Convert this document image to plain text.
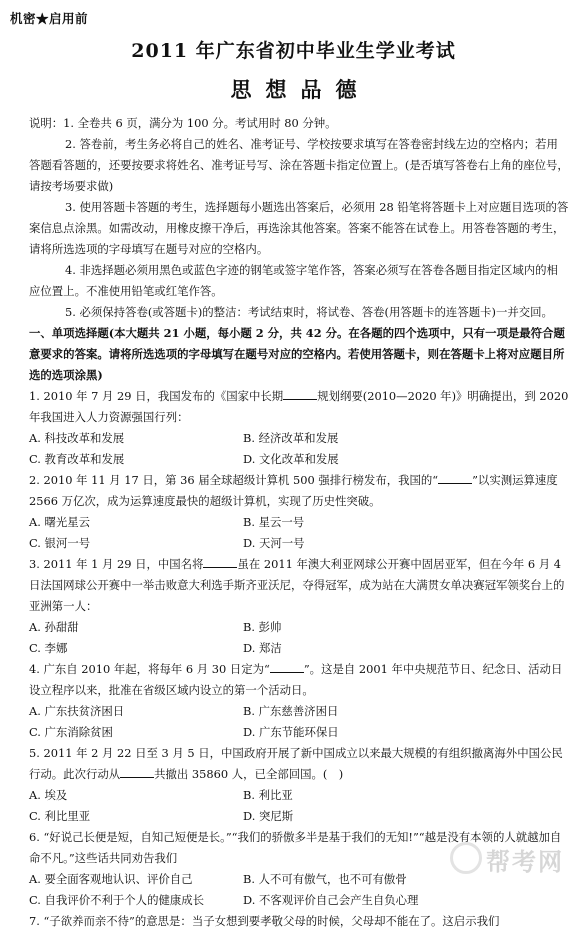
机密★启用前
2011 年广东省初中毕业生学业考试
思想品德

说明：1. 全卷共 6 页，满分为 100 分。考试用时 80 分钟。

2. 答卷前，考生务必将自己的姓名、准考证号、学校按要求填写在答卷密封线左边的空格内；若用答题看答题的，还要按要求将姓名、准考证号写、涂在答题卡指定位置上。(是否填写答卷右上角的座位号，请按考场要求做)

3. 使用答题卡答题的考生，选择题每小题选出答案后，必须用 28 铅笔将答题卡上对应题目选项的答案信息点涂黑。如需改动，用橡皮擦干净后，再选涂其他答案。答案不能答在试卷上。用答卷答题的考生，请将所选选项的字母填写在题号对应的空格内。

4. 非选择题必须用黑色或蓝色字迹的钢笔或签字笔作答，答案必须写在答卷各题目指定区域内的相应位置上。不准使用铅笔或红笔作答。

5. 必须保持答卷(或答题卡)的整洁：考试结束时，将试卷、答卷(用答题卡的连答题卡)一并交回。

一、单项选择题(本大题共 21 小题，每小题 2 分，共 42 分。在各题的四个选项中，只有一项是最符合题意要求的答案。请将所选选项的字母填写在题号对应的空格内。若使用答题卡，则在答题卡上将对应题目所选的选项涂黑)

1. 2010 年 7 月 29 日，我国发布的《国家中长期	规划纲要(2010—2020 年)》明确提出，到 2020 年我国进入人力资源强国行列：

A. 科技改革和发展	B. 经济改革和发展
C. 教育改革和发展	D. 文化改革和发展

2. 2010 年 11 月 17 日，第 36 届全球超级计算机 500 强排行榜发布，我国的“	”以实测运算速度 2566 万亿次，成为运算速度最快的超级计算机，实现了历史性突破。

A. 曙光星云	B. 星云一号
C. 银河一号	D. 天河一号

3. 2011 年 1 月 29 日，中国名将	虽在 2011 年澳大利亚网球公开赛中固居亚军，但在今年 6 月 4 日法国网球公开赛中一举击败意大利选手斯齐亚沃尼，夺得冠军，成为站在大满贯女单决赛冠军领奖台上的亚洲第一人：

A. 孙甜甜	B. 彭帅
C. 李娜	D. 郑洁

4. 广东自 2010 年起，将每年 6 月 30 日定为“	”。这是自 2001 年中央规范节日、纪念日、活动日设立程序以来，批准在省级区域内设立的第一个活动日。

A. 广东扶贫济困日	B. 广东慈善济困日
C. 广东消除贫困	D. 广东节能环保日

5. 2011 年 2 月 22 日至 3 月 5 日，中国政府开展了新中国成立以来最大规模的有组织撤离海外中国公民行动。此次行动从	共撤出 35860 人，已全部回国。(　)

A. 埃及	B. 利比亚
C. 利比里亚	D. 突尼斯

6. “好说己长便是短，自知己短便是长。”“我们的骄傲多半是基于我们的无知!”“越是没有本领的人就越加自命不凡。”这些话共同劝告我们

A. 要全面客观地认识、评价自己	B. 人不可有傲气，也不可有傲骨
C. 自我评价不利于个人的健康成长	D. 不客观评价自己会产生自负心理

7. “子欲养而亲不待”的意思是：当子女想到要孝敬父母的时候，父母却不能在了。这启示我们

帮考网
